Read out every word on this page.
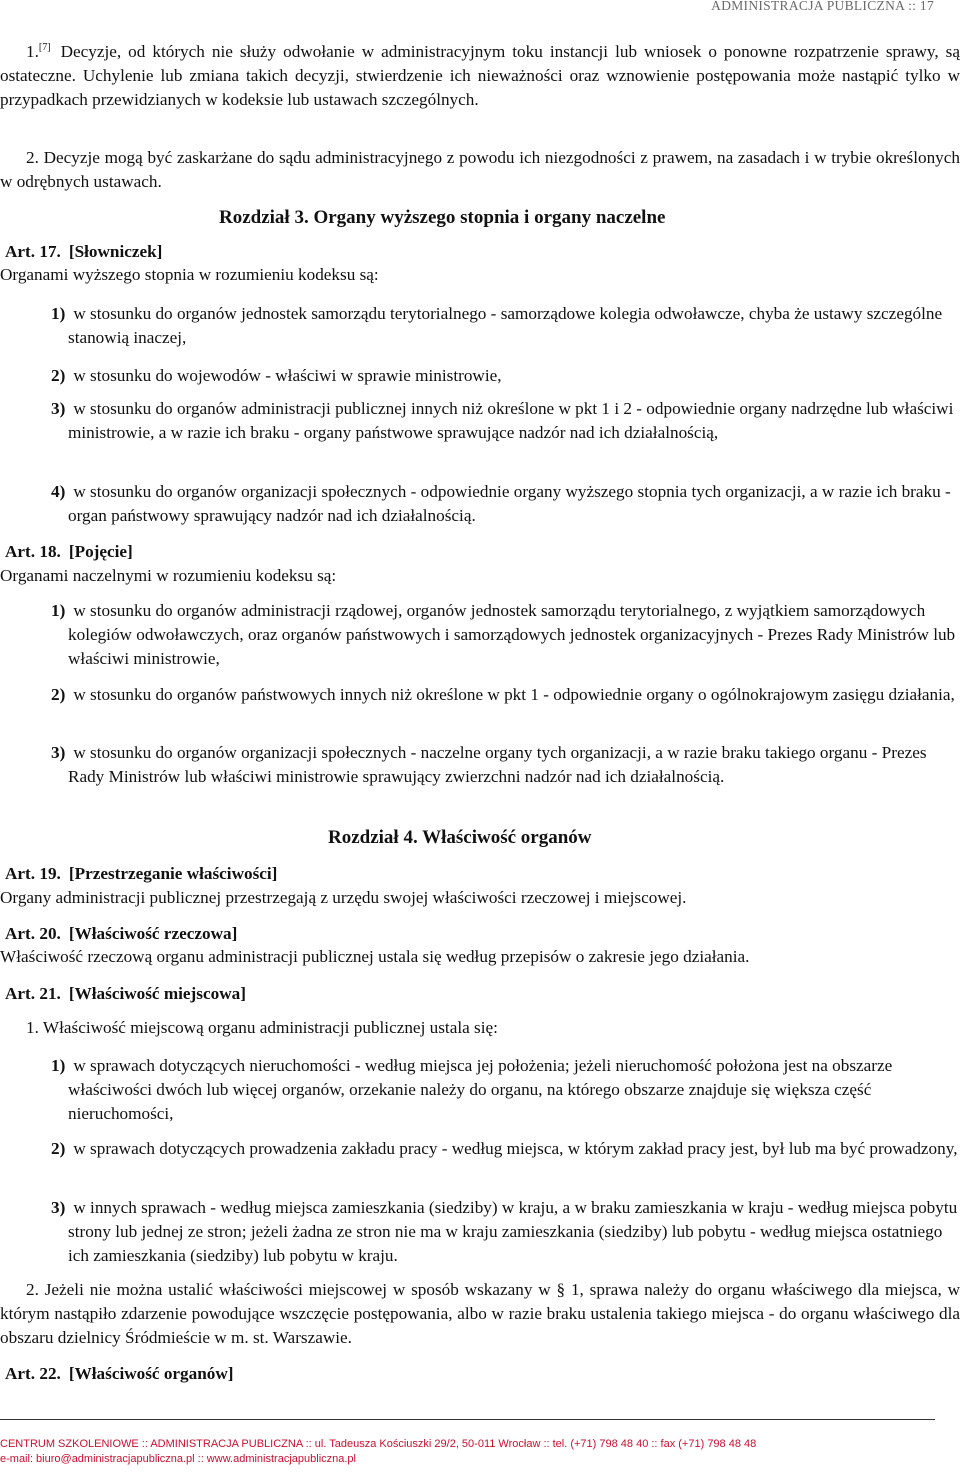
ADMINISTRACJA PUBLICZNA :: 17

1.[7] Decyzje, od których nie służy odwołanie w administracyjnym toku instancji lub wniosek o ponowne rozpatrzenie sprawy, są ostateczne. Uchylenie lub zmiana takich decyzji, stwierdzenie ich nieważności oraz wznowienie postępowania może nastąpić tylko w przypadkach przewidzianych w kodeksie lub ustawach szczególnych.

2. Decyzje mogą być zaskarżane do sądu administracyjnego z powodu ich niezgodności z prawem, na zasadach i w trybie określonych w odrębnych ustawach.

Rozdział 3. Organy wyższego stopnia i organy naczelne
Art. 17. [Słowniczek]
Organami wyższego stopnia w rozumieniu kodeksu są:

1) w stosunku do organów jednostek samorządu terytorialnego - samorządowe kolegia odwoławcze, chyba że ustawy szczególne stanowią inaczej,

2) w stosunku do wojewodów - właściwi w sprawie ministrowie,

3) w stosunku do organów administracji publicznej innych niż określone w pkt 1 i 2 - odpowiednie organy nadrzędne lub właściwi ministrowie, a w razie ich braku - organy państwowe sprawujące nadzór nad ich działalnością,

4) w stosunku do organów organizacji społecznych - odpowiednie organy wyższego stopnia tych organizacji, a w razie ich braku - organ państwowy sprawujący nadzór nad ich działalnością.

Art. 18. [Pojęcie]
Organami naczelnymi w rozumieniu kodeksu są:

1) w stosunku do organów administracji rządowej, organów jednostek samorządu terytorialnego, z wyjątkiem samorządowych kolegiów odwoławczych, oraz organów państwowych i samorządowych jednostek organizacyjnych - Prezes Rady Ministrów lub właściwi ministrowie,

2) w stosunku do organów państwowych innych niż określone w pkt 1 - odpowiednie organy o ogólnokrajowym zasięgu działania,

3) w stosunku do organów organizacji społecznych - naczelne organy tych organizacji, a w razie braku takiego organu - Prezes Rady Ministrów lub właściwi ministrowie sprawujący zwierzchni nadzór nad ich działalnością.

Rozdział 4. Właściwość organów
Art. 19. [Przestrzeganie właściwości]
Organy administracji publicznej przestrzegają z urzędu swojej właściwości rzeczowej i miejscowej.
Art. 20. [Właściwość rzeczowa]
Właściwość rzeczową organu administracji publicznej ustala się według przepisów o zakresie jego działania.
Art. 21. [Właściwość miejscowa]

1. Właściwość miejscową organu administracji publicznej ustala się:

1) w sprawach dotyczących nieruchomości - według miejsca jej położenia; jeżeli nieruchomość położona jest na obszarze właściwości dwóch lub więcej organów, orzekanie należy do organu, na którego obszarze znajduje się większa część nieruchomości,

2) w sprawach dotyczących prowadzenia zakładu pracy - według miejsca, w którym zakład pracy jest, był lub ma być prowadzony,

3) w innych sprawach - według miejsca zamieszkania (siedziby) w kraju, a w braku zamieszkania w kraju - według miejsca pobytu strony lub jednej ze stron; jeżeli żadna ze stron nie ma w kraju zamieszkania (siedziby) lub pobytu - według miejsca ostatniego ich zamieszkania (siedziby) lub pobytu w kraju.

2. Jeżeli nie można ustalić właściwości miejscowej w sposób wskazany w § 1, sprawa należy do organu właściwego dla miejsca, w którym nastąpiło zdarzenie powodujące wszczęcie postępowania, albo w razie braku ustalenia takiego miejsca - do organu właściwego dla obszaru dzielnicy Śródmieście w m. st. Warszawie.

Art. 22. [Właściwość organów]
CENTRUM SZKOLENIOWE :: ADMINISTRACJA PUBLICZNA :: ul. Tadeusza Kościuszki 29/2, 50-011 Wrocław :: tel. (+71) 798 48 40 :: fax (+71) 798 48 48
e-mail: biuro@administracjapubliczna.pl :: www.administracjapubliczna.pl
